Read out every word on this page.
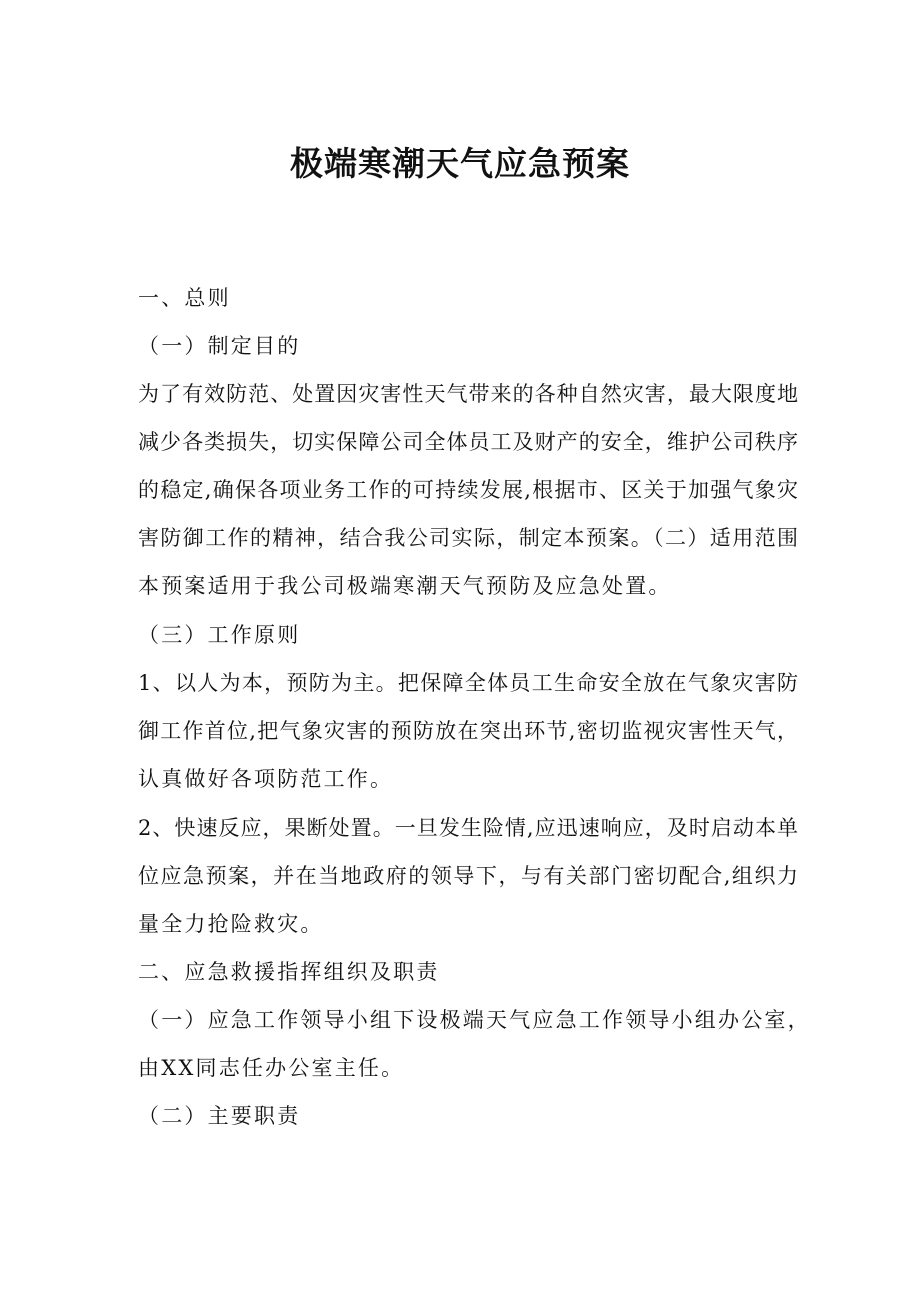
极端寒潮天气应急预案
一、总则
（一）制定目的
为了有效防范、处置因灾害性天气带来的各种自然灾害，最大限度地
减少各类损失，切实保障公司全体员工及财产的安全，维护公司秩序
的稳定,确保各项业务工作的可持续发展,根据市、区关于加强气象灾
害防御工作的精神，结合我公司实际，制定本预案。（二）适用范围
本预案适用于我公司极端寒潮天气预防及应急处置。
（三）工作原则
1、以人为本，预防为主。把保障全体员工生命安全放在气象灾害防
御工作首位,把气象灾害的预防放在突出环节,密切监视灾害性天气，
认真做好各项防范工作。
2、快速反应，果断处置。一旦发生险情,应迅速响应，及时启动本单
位应急预案，并在当地政府的领导下，与有关部门密切配合,组织力
量全力抢险救灾。
二、应急救援指挥组织及职责
（一）应急工作领导小组下设极端天气应急工作领导小组办公室，
由XX同志任办公室主任。
（二）主要职责
